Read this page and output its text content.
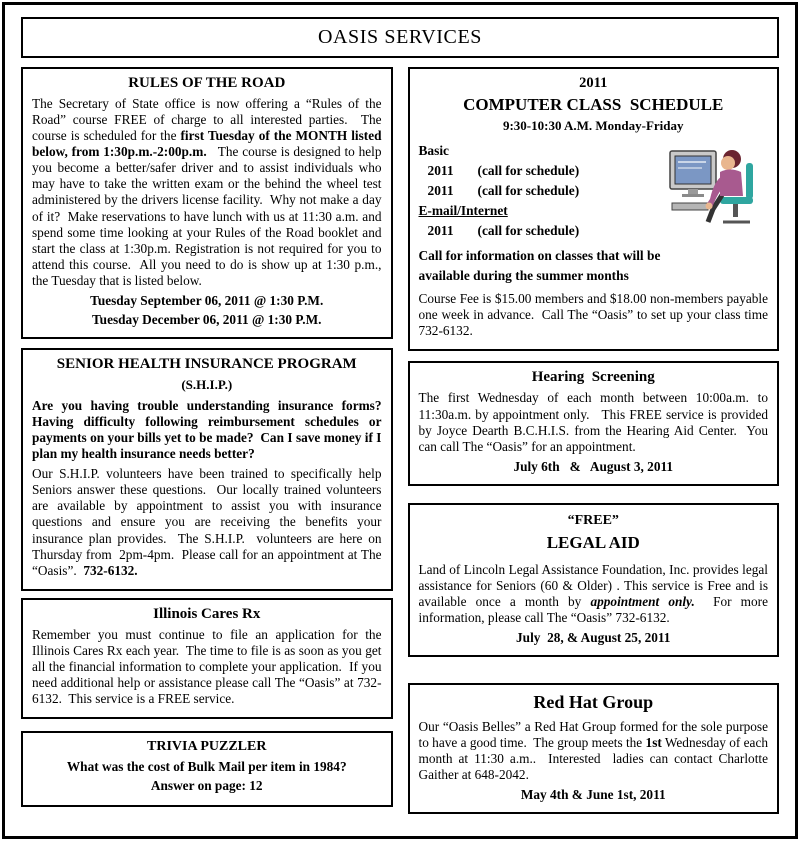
OASIS SERVICES
RULES OF THE ROAD

The Secretary of State office is now offering a “Rules of the Road” course FREE of charge to all interested parties.  The course is scheduled for the first Tuesday of the MONTH listed below, from 1:30p.m.-2:00p.m.   The course is designed to help you become a better/safer driver and to assist individuals who may have to take the written exam or the behind the wheel test administered by the drivers license facility.  Why not make a day of it?  Make reservations to have lunch with us at 11:30 a.m. and spend some time looking at your Rules of the Road booklet and start the class at 1:30p.m. Registration is not required for you to attend this course.  All you need to do is show up at 1:30 p.m., the Tuesday that is listed below.

Tuesday September 06, 2011 @ 1:30 P.M.
Tuesday December 06, 2011 @ 1:30 P.M.
SENIOR HEALTH INSURANCE PROGRAM
(S.H.I.P.)

Are you having trouble understanding insurance forms? Having difficulty following reimbursement schedules or payments on your bills yet to be made?  Can I save money if I plan my health insurance needs better?

Our S.H.I.P. volunteers have been trained to specifically help Seniors answer these questions.  Our locally trained volunteers are available by appointment to assist you with insurance questions and ensure you are receiving the benefits your insurance plan provides.  The S.H.I.P.  volunteers are here on Thursday from  2pm-4pm.  Please call for an appointment at The “Oasis”.  732-6132.

Illinois Cares Rx

Remember you must continue to file an application for the Illinois Cares Rx each year.  The time to file is as soon as you get all the financial information to complete your application.  If you need additional help or assistance please call The “Oasis” at 732-6132.  This service is a FREE service.

TRIVIA PUZZLER
What was the cost of Bulk Mail per item in 1984?
Answer on page: 12
2011
COMPUTER CLASS  SCHEDULE
9:30-10:30 A.M. Monday-Friday
Basic
2011 (call for schedule)
2011 (call for schedule)
E-mail/Internet
2011 (call for schedule)
Call for information on classes that will be
available during the summer months

Course Fee is $15.00 members and $18.00 non-members payable one week in advance.  Call The “Oasis” to set up your class time 732-6132.

Hearing  Screening

The first Wednesday of each month between 10:00a.m. to 11:30a.m. by appointment only.   This FREE service is provided by Joyce Dearth B.C.H.I.S. from the Hearing Aid Center.  You can call The “Oasis” for an appointment.

July 6th   &   August 3, 2011
“FREE”
LEGAL AID

Land of Lincoln Legal Assistance Foundation, Inc. provides legal assistance for Seniors (60 & Older) . This service is Free and is available once a month by appointment only.  For more information, please call The “Oasis” 732-6132.

July  28, & August 25, 2011
Red Hat Group

Our “Oasis Belles” a Red Hat Group formed for the sole purpose to have a good time.  The group meets the 1st Wednesday of each month at 11:30 a.m..  Interested  ladies can contact Charlotte Gaither at 648-2042.

May 4th & June 1st, 2011
